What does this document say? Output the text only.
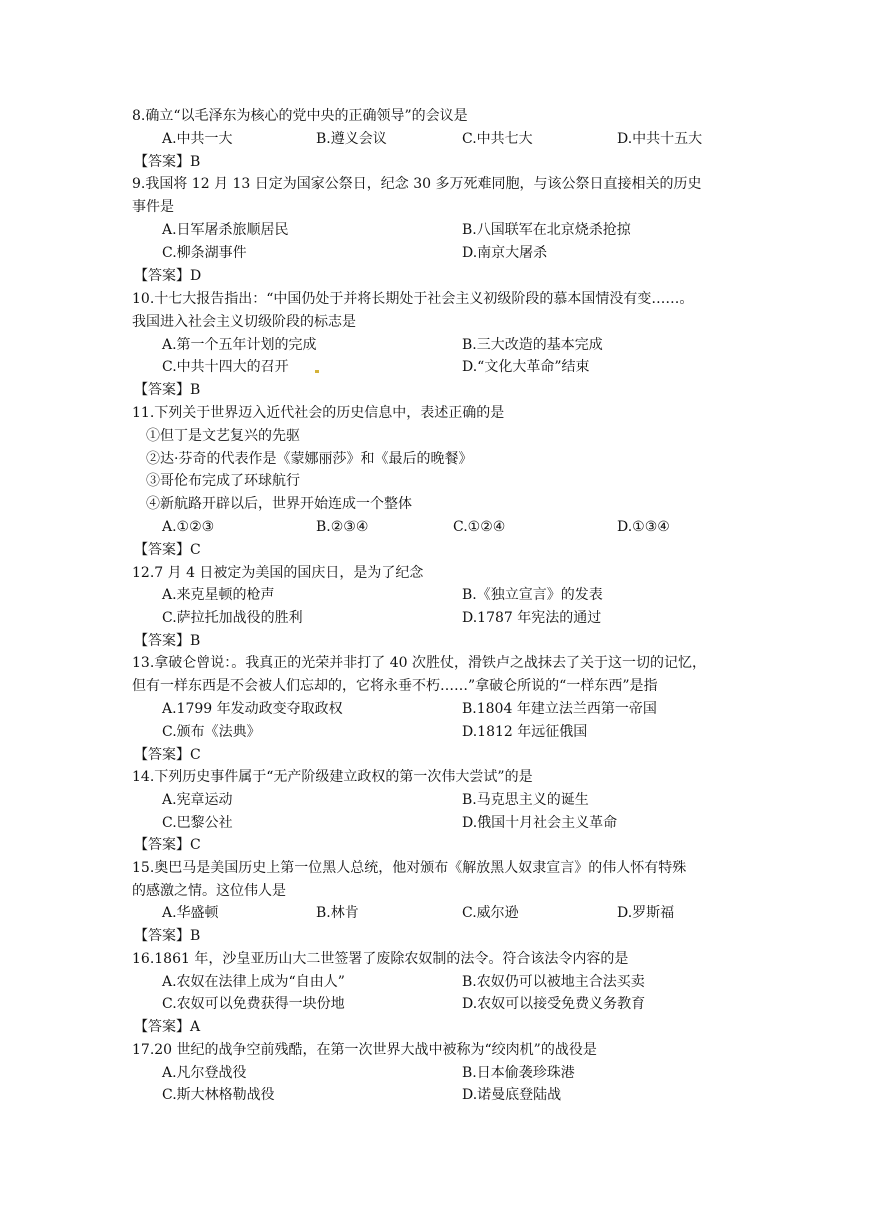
8.确立“以毛泽东为核心的党中央的正确领导”的会议是
A.中共一大	B.遵义会议	C.中共七大	D.中共十五大
【答案】B
9.我国将 12 月 13 日定为国家公祭日，纪念 30 多万死难同胞，与该公祭日直接相关的历史
事件是
A.日军屠杀旅顺居民	B.八国联军在北京烧杀抢掠
C.柳条湖事件	D.南京大屠杀
【答案】D
10.十七大报告指出：“中国仍处于并将长期处于社会主义初级阶段的慕本国情没有变……。
我国进入社会主义切级阶段的标志是
A.第一个五年计划的完成	B.三大改造的基本完成
C.中共十四大的召开	D.“文化大革命”结束
【答案】B
11.下列关于世界迈入近代社会的历史信息中，表述正确的是
①但丁是文艺复兴的先驱
②达·芬奇的代表作是《蒙娜丽莎》和《最后的晚餐》
③哥伦布完成了环球航行
④新航路开辟以后，世界开始连成一个整体
A.①②③	B.②③④	C.①②④	D.①③④
【答案】C
12.7 月 4 日被定为美国的国庆日，是为了纪念
A.来克星顿的枪声	B.《独立宣言》的发表
C.萨拉托加战役的胜利	D.1787 年宪法的通过
【答案】B
13.拿破仑曾说：。我真正的光荣并非打了 40 次胜仗，滑铁卢之战抹去了关于这一切的记忆，
但有一样东西是不会被人们忘却的，它将永垂不朽……”拿破仑所说的“一样东西”是指
A.1799 年发动政变夺取政权	B.1804 年建立法兰西第一帝国
C.颁布《法典》	D.1812 年远征俄国
【答案】C
14.下列历史事件属于“无产阶级建立政权的第一次伟大尝试”的是
A.宪章运动	B.马克思主义的诞生
C.巴黎公社	D.俄国十月社会主义革命
【答案】C
15.奥巴马是美国历史上第一位黑人总统，他对颁布《解放黑人奴隶宣言》的伟人怀有特殊
的感激之情。这位伟人是
A.华盛顿	B.林肯	C.威尔逊	D.罗斯福
【答案】B
16.1861 年，沙皇亚历山大二世签署了废除农奴制的法令。符合该法令内容的是
A.农奴在法律上成为“自由人”	B.农奴仍可以被地主合法买卖
C.农奴可以免费获得一块份地	D.农奴可以接受免费义务教育
【答案】A
17.20 世纪的战争空前残酷，在第一次世界大战中被称为“绞肉机”的战役是
A.凡尔登战役	B.日本偷袭珍珠港
C.斯大林格勒战役	D.诺曼底登陆战
